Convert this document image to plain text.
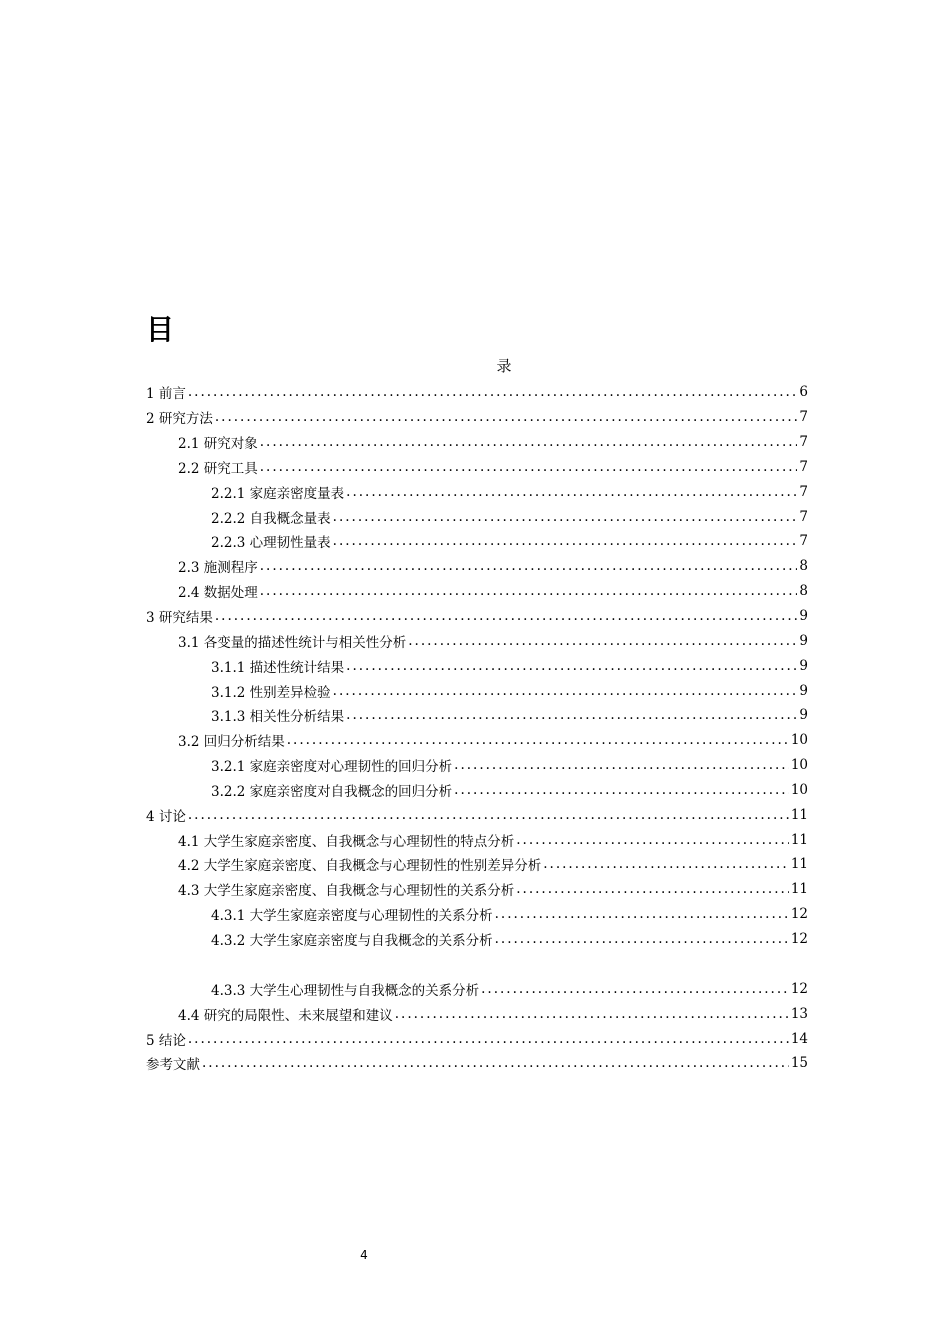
目
录
1 前言 .....	6
2 研究方法 .....	7
2.1 研究对象 .....	7
2.2 研究工具 .....	7
2.2.1 家庭亲密度量表 .....	7
2.2.2 自我概念量表 .....	7
2.2.3 心理韧性量表 .....	7
2.3 施测程序 .....	8
2.4 数据处理 .....	8
3 研究结果 .....	9
3.1 各变量的描述性统计与相关性分析 .....	9
3.1.1 描述性统计结果 .....	9
3.1.2 性别差异检验 .....	9
3.1.3 相关性分析结果 .....	9
3.2 回归分析结果 .....	10
3.2.1 家庭亲密度对心理韧性的回归分析 .....	10
3.2.2 家庭亲密度对自我概念的回归分析 .....	10
4 讨论 .....	11
4.1 大学生家庭亲密度、自我概念与心理韧性的特点分析 .....	11
4.2 大学生家庭亲密度、自我概念与心理韧性的性别差异分析 .....	11
4.3 大学生家庭亲密度、自我概念与心理韧性的关系分析 .....	11
4.3.1 大学生家庭亲密度与心理韧性的关系分析 .....	12
4.3.2 大学生家庭亲密度与自我概念的关系分析 .....	12
4.3.3 大学生心理韧性与自我概念的关系分析 .....	12
4.4 研究的局限性、未来展望和建议 .....	13
5 结论 .....	14
参考文献 .....	15
4
